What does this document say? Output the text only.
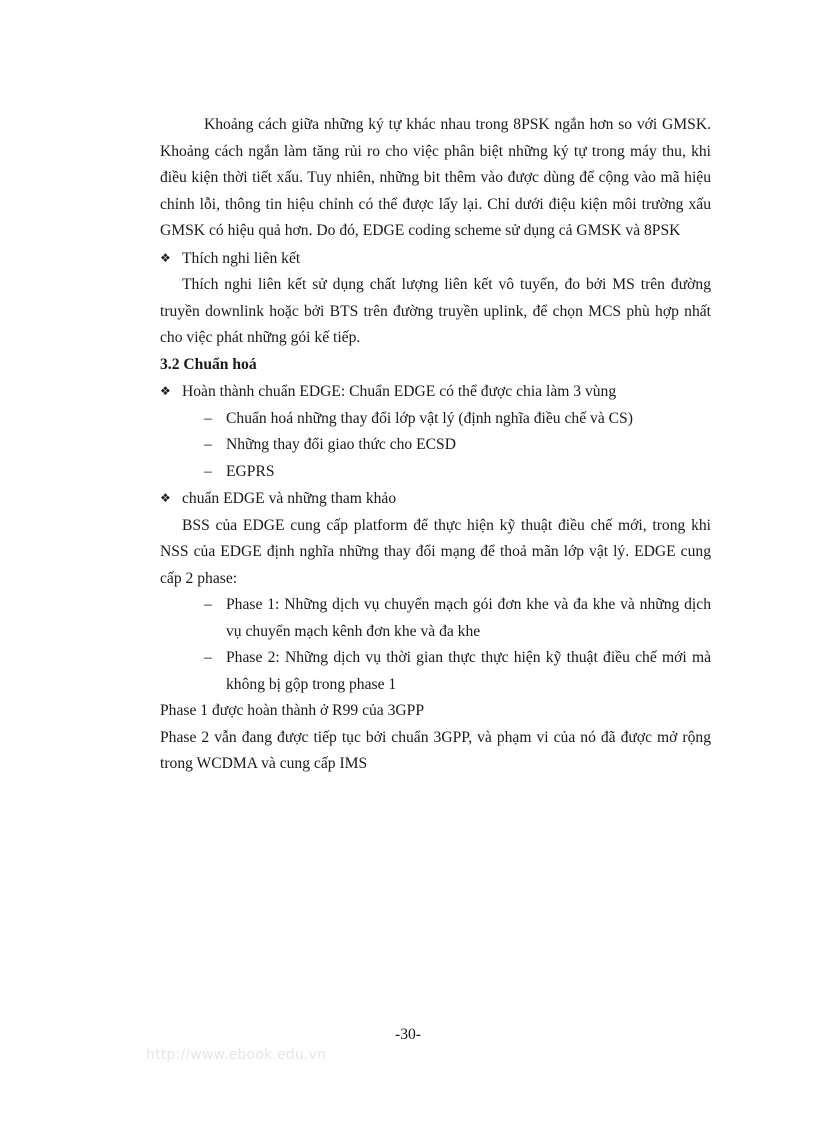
Khoảng cách giữa những ký tự khác nhau trong 8PSK ngắn hơn so với GMSK. Khoảng cách ngắn làm tăng rủi ro cho việc phân biệt những ký tự trong máy thu, khi điều kiện thời tiết xấu. Tuy nhiên, những bit thêm vào được dùng để cộng vào mã hiệu chỉnh lỗi, thông tin hiệu chỉnh có thể được lấy lại. Chỉ dưới điệu kiện môi trường xấu GMSK có hiệu quả hơn. Do đó, EDGE coding scheme sử dụng cả GMSK và 8PSK

❖ Thích nghi liên kết

Thích nghi liên kết sử dụng chất lượng liên kết vô tuyến, đo bởi MS trên đường truyền downlink hoặc bởi BTS trên đường truyền uplink, để chọn MCS phù hợp nhất cho việc phát những gói kế tiếp.

3.2 Chuẩn hoá

❖ Hoàn thành chuẩn EDGE: Chuẩn EDGE có thể được chia làm 3 vùng

– Chuẩn hoá những thay đổi lớp vật lý (định nghĩa điều chế và CS)
– Những thay đổi giao thức cho ECSD
– EGPRS

❖ chuẩn EDGE và những tham khảo

BSS của EDGE cung cấp platform để thực hiện kỹ thuật điều chế mới, trong khi NSS của EDGE định nghĩa những thay đổi mạng để thoả mãn lớp vật lý. EDGE cung cấp 2 phase:

– Phase 1: Những dịch vụ chuyển mạch gói đơn khe và đa khe và những dịch vụ chuyển mạch kênh đơn khe và đa khe
– Phase 2: Những dịch vụ thời gian thực thực hiện kỹ thuật điều chế mới mà không bị gộp trong phase 1

Phase 1 được hoàn thành ở R99 của 3GPP

Phase 2 vẫn đang được tiếp tục bởi chuẩn 3GPP, và phạm vi của nó đã được mở rộng trong WCDMA và cung cấp IMS

-30-
http://www.ebook.edu.vn
